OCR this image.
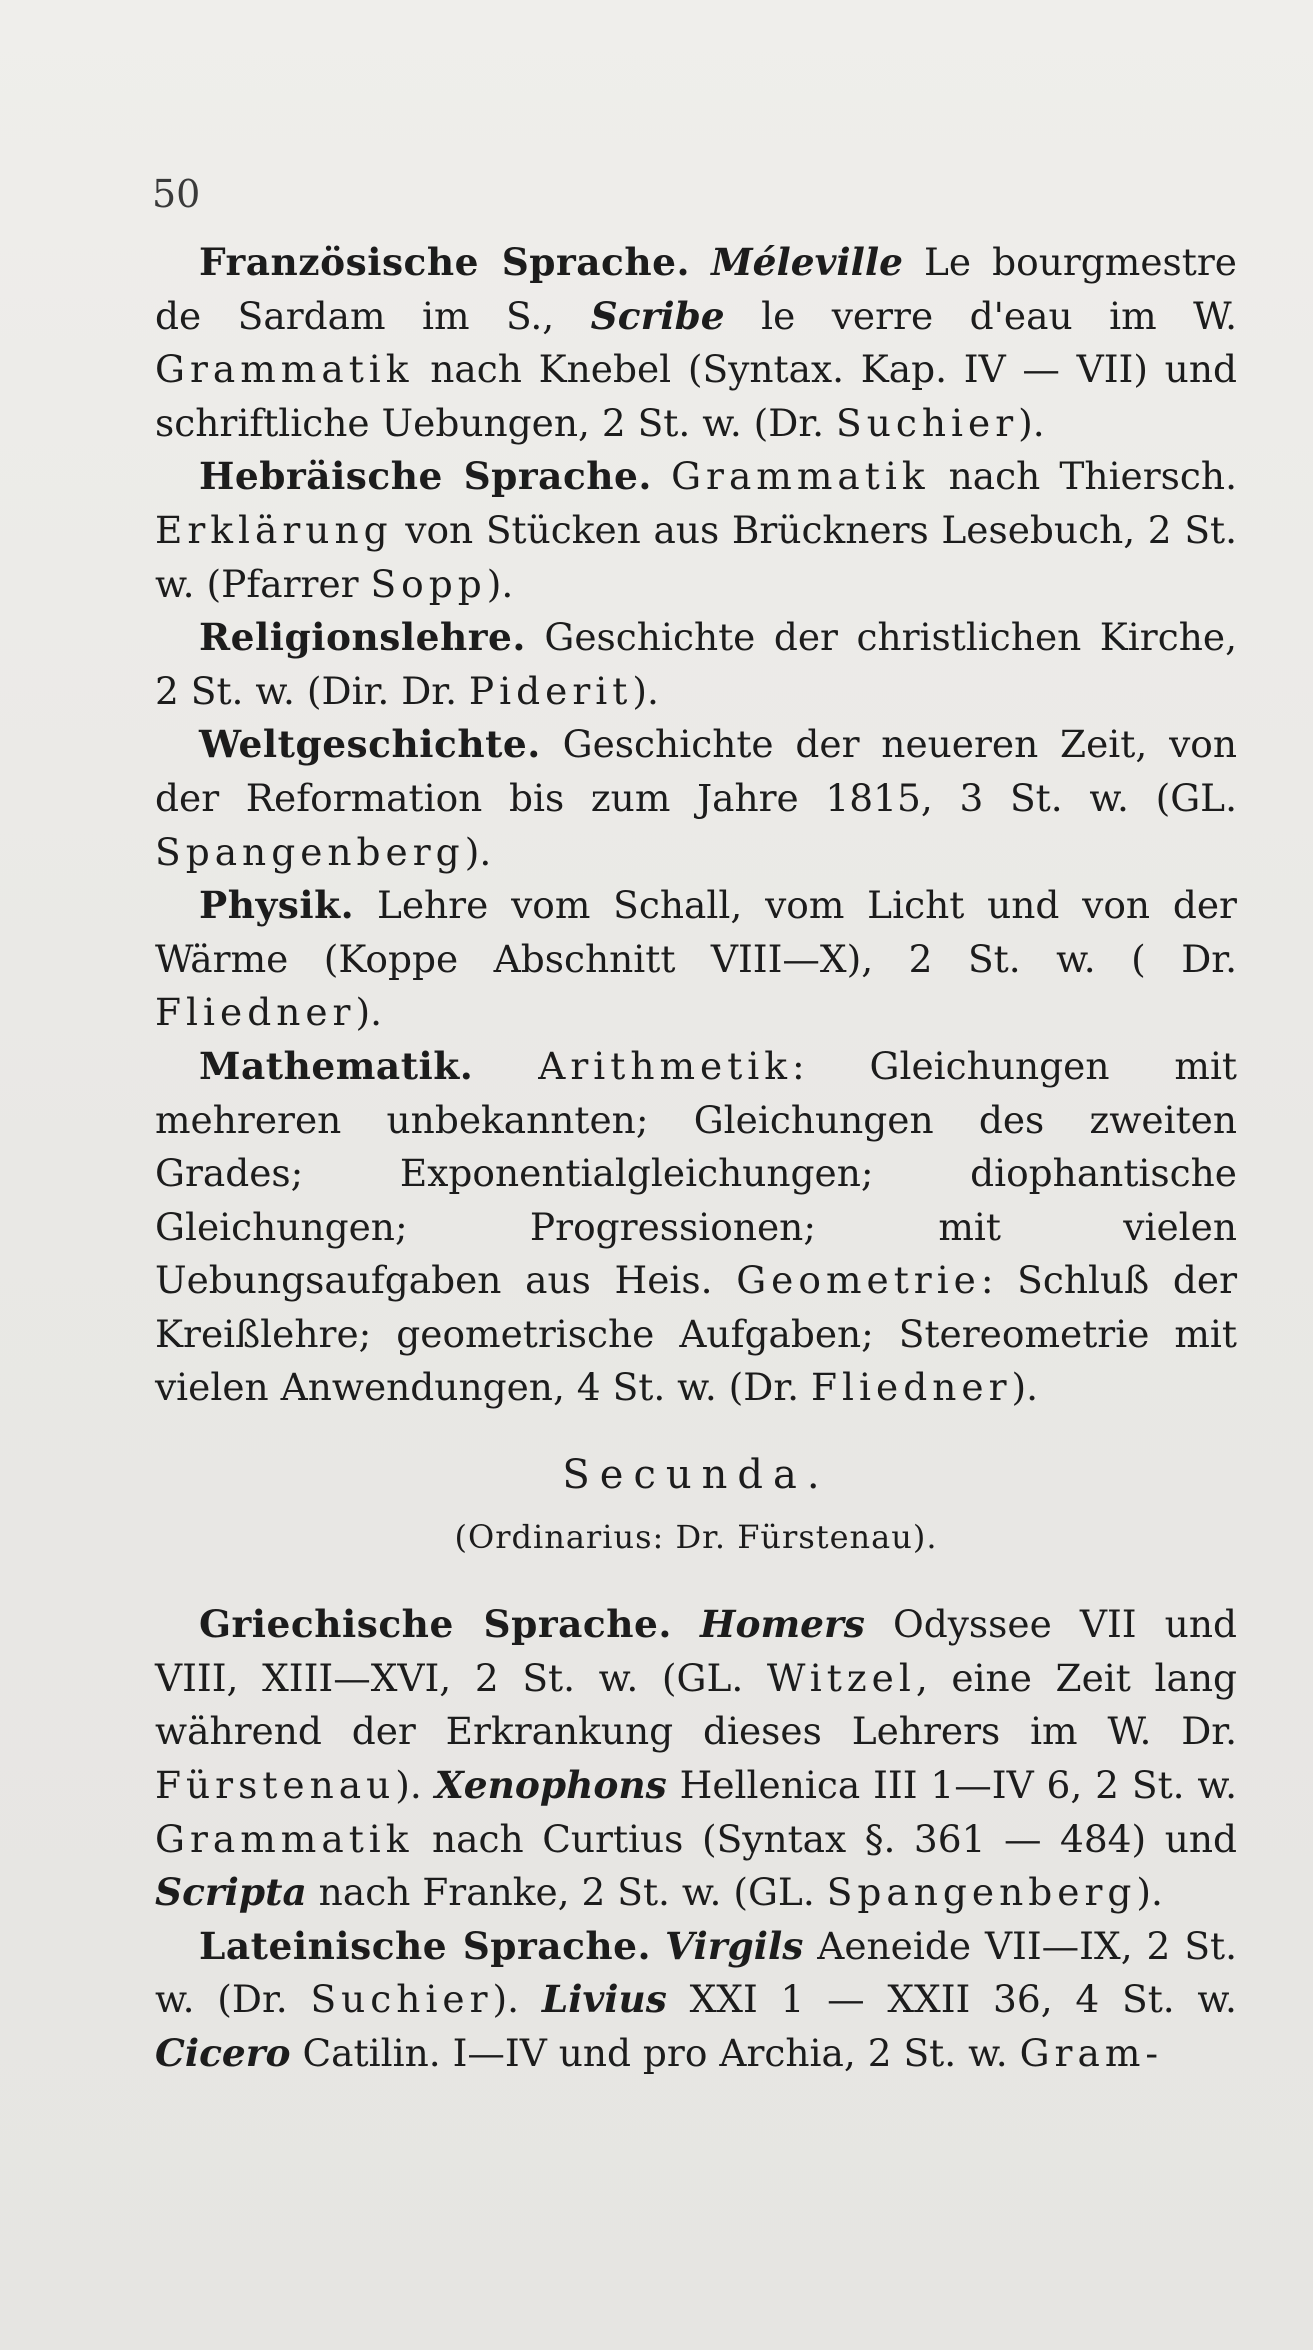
50

Französische Sprache. Méleville Le bourgmestre de Sardam im S., Scribe le verre d'eau im W. Grammatik nach Knebel (Syntax. Kap. IV — VII) und schriftliche Uebungen, 2 St. w. (Dr. Suchier).

Hebräische Sprache. Grammatik nach Thiersch. Erklärung von Stücken aus Brückners Lesebuch, 2 St. w. (Pfarrer Sopp).

Religionslehre. Geschichte der christlichen Kirche, 2 St. w. (Dir. Dr. Piderit).

Weltgeschichte. Geschichte der neueren Zeit, von der Reformation bis zum Jahre 1815, 3 St. w. (GL. Spangenberg).

Physik. Lehre vom Schall, vom Licht und von der Wärme (Koppe Abschnitt VIII—X), 2 St. w. ( Dr. Fliedner).

Mathematik. Arithmetik: Gleichungen mit mehreren unbekannten; Gleichungen des zweiten Grades; Exponentialgleichungen; diophantische Gleichungen; Progressionen; mit vielen Uebungsaufgaben aus Heis. Geometrie: Schluß der Kreißlehre; geometrische Aufgaben; Stereometrie mit vielen Anwendungen, 4 St. w. (Dr. Fliedner).

Secunda.
(Ordinarius: Dr. Fürstenau).

Griechische Sprache. Homers Odyssee VII und VIII, XIII—XVI, 2 St. w. (GL. Witzel, eine Zeit lang während der Erkrankung dieses Lehrers im W. Dr. Fürstenau). Xenophons Hellenica III 1—IV 6, 2 St. w. Grammatik nach Curtius (Syntax §. 361 — 484) und Scripta nach Franke, 2 St. w. (GL. Spangenberg).

Lateinische Sprache. Virgils Aeneide VII—IX, 2 St. w. (Dr. Suchier). Livius XXI 1 — XXII 36, 4 St. w. Cicero Catilin. I—IV und pro Archia, 2 St. w. Gram-
